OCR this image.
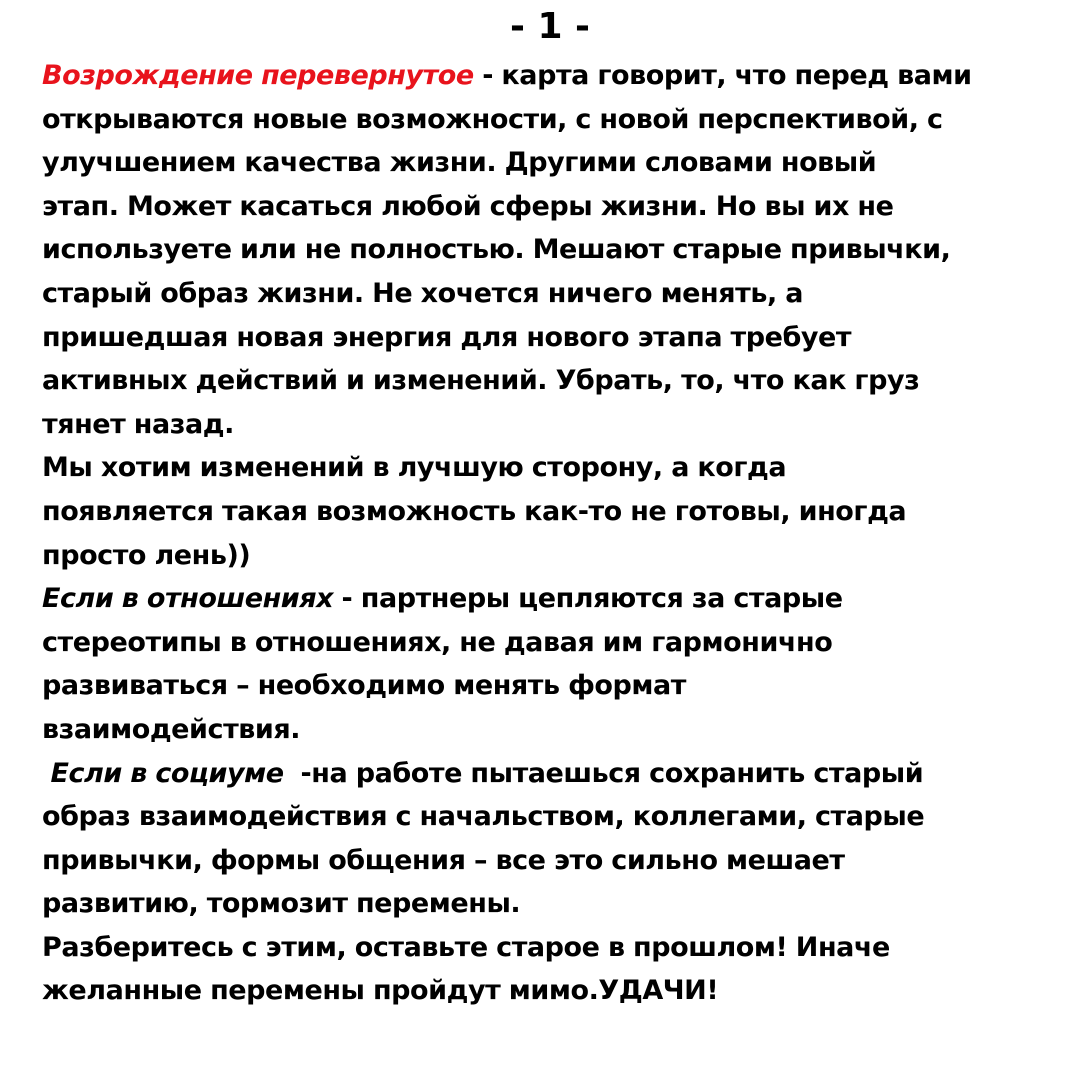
- 1 -
Возрождение перевернутое - карта говорит, что перед вами
открываются новые возможности, с новой перспективой, с
улучшением качества жизни. Другими словами новый
этап. Может касаться любой сферы жизни. Но вы их не
используете или не полностью. Мешают старые привычки,
старый образ жизни. Не хочется ничего менять, а
пришедшая новая энергия для нового этапа требует
активных действий и изменений. Убрать, то, что как груз
тянет назад.
Мы хотим изменений в лучшую сторону, а когда
появляется такая возможность как-то не готовы, иногда
просто лень))
Если в отношениях - партнеры цепляются за старые
стереотипы в отношениях, не давая им гармонично
развиваться – необходимо менять формат
взаимодействия.
Если в социуме  -на работе пытаешься сохранить старый
образ взаимодействия с начальством, коллегами, старые
привычки, формы общения – все это сильно мешает
развитию, тормозит перемены.
Разберитесь с этим, оставьте старое в прошлом! Иначе
желанные перемены пройдут мимо.УДАЧИ!
